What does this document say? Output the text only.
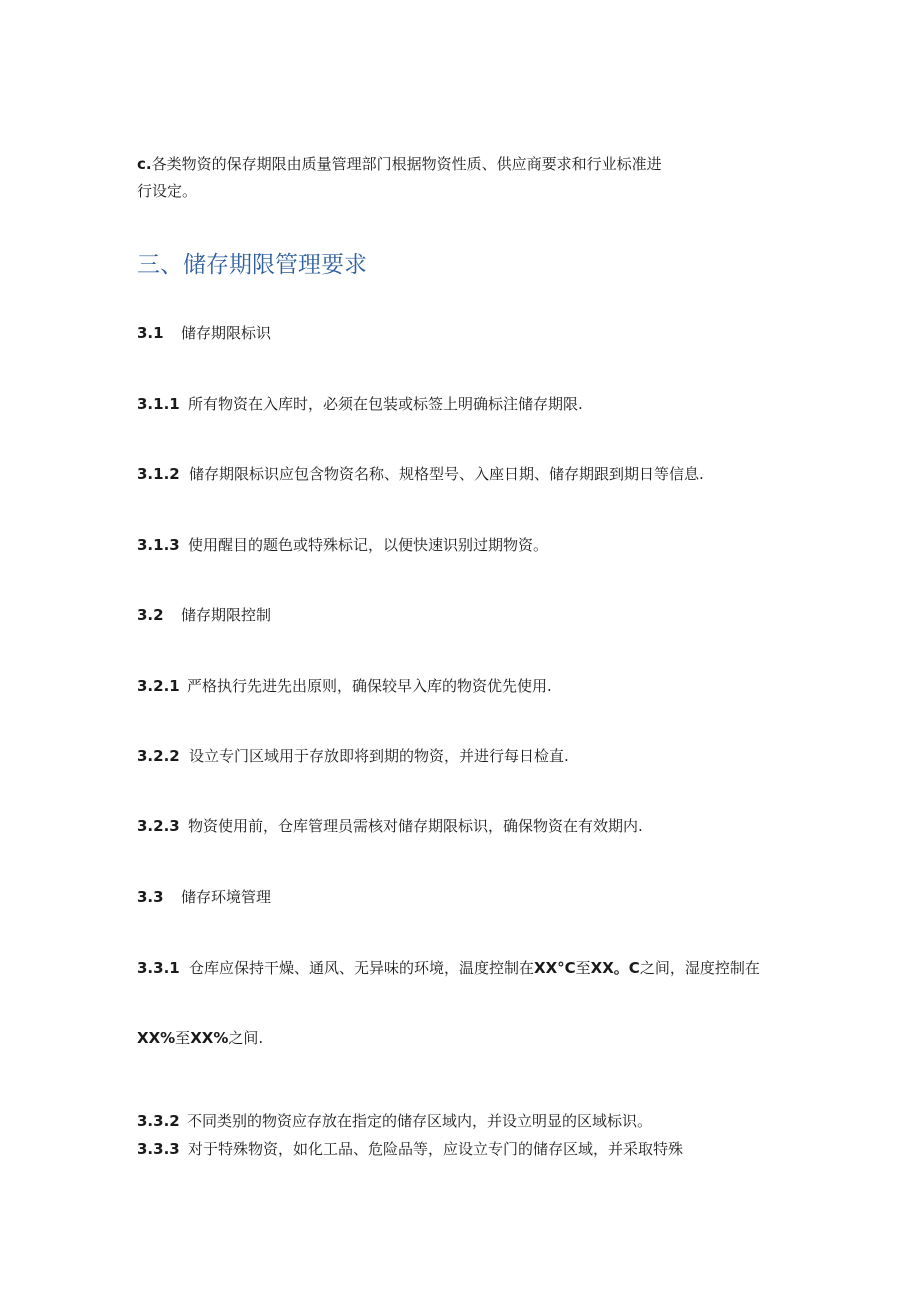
c.各类物资的保存期限由质量管理部门根据物资性质、供应商要求和行业标准进
行设定。
三、储存期限管理要求
3.1 储存期限标识
3.1.1 所有物资在入库时，必须在包装或标签上明确标注储存期限.
3.1.2 储存期限标识应包含物资名称、规格型号、入座日期、储存期跟到期日等信息.
3.1.3 使用醒目的题色或特殊标记，以便快速识别过期物资。
3.2 储存期限控制
3.2.1 严格执行先进先出原则，确保较早入库的物资优先使用.
3.2.2 设立专门区域用于存放即将到期的物资，并进行每日检直.
3.2.3 物资使用前，仓库管理员需核对储存期限标识，确保物资在有效期内.
3.3 储存环境管理
3.3.1 仓库应保持干燥、通风、无异味的环境，温度控制在XX°C至XX。C之间，湿度控制在
XX%至XX%之间.
3.3.2 不同类别的物资应存放在指定的储存区域内，并设立明显的区域标识。
3.3.3 对于特殊物资，如化工品、危险品等，应设立专门的储存区域，并采取特殊
